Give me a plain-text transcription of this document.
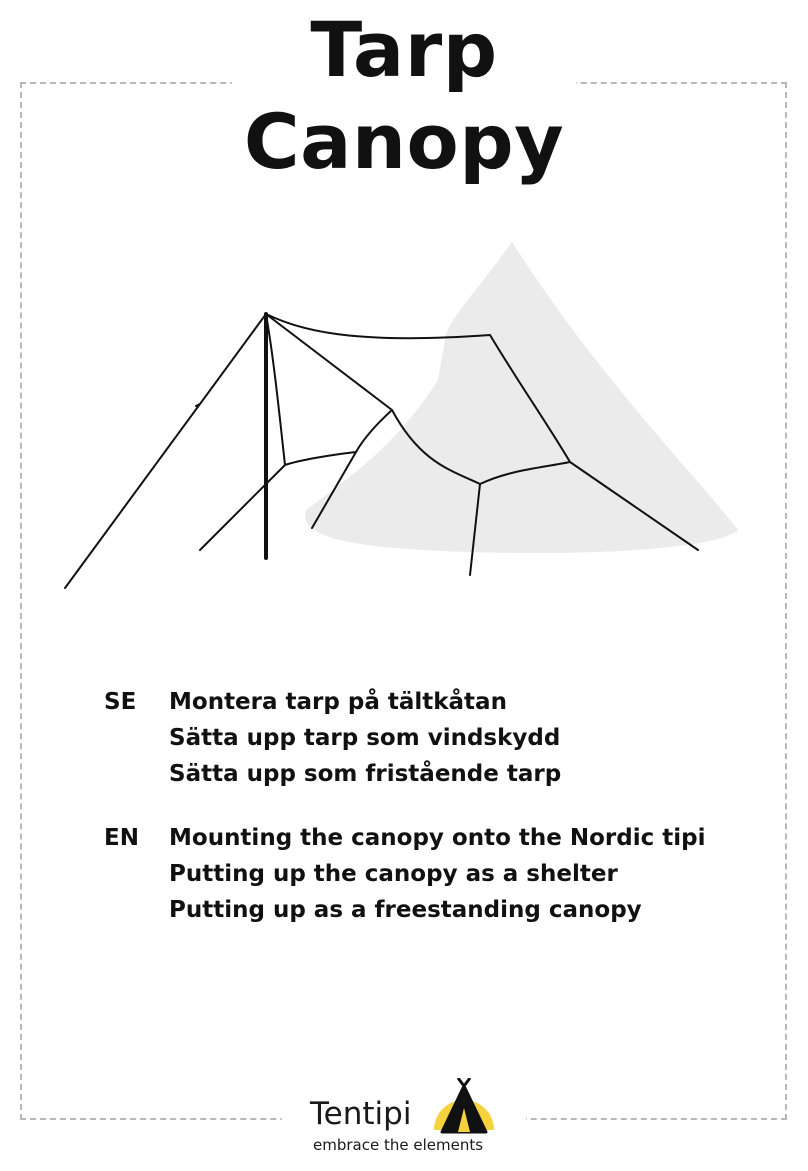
Tarp
Canopy
SE	Montera tarp på tältkåtan
Sätta upp tarp som vindskydd
Sätta upp som fristående tarp
EN	Mounting the canopy onto the Nordic tipi
Putting up the canopy as a shelter
Putting up as a freestanding canopy
Tentipi
embrace the elements
